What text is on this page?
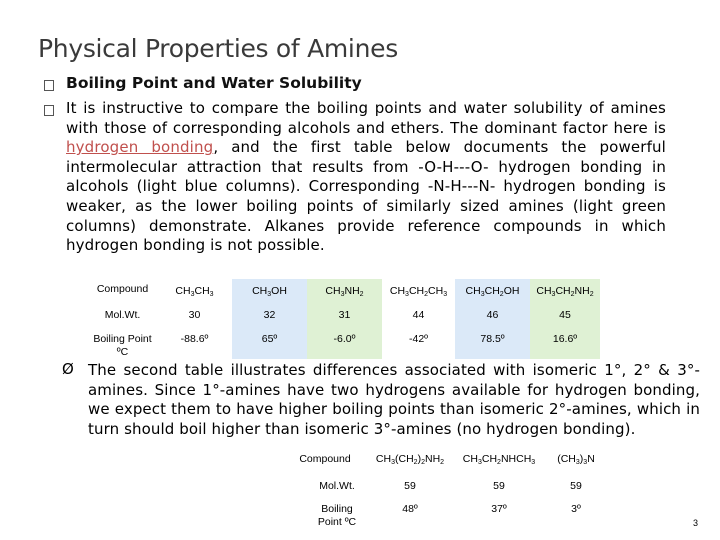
Physical Properties of Amines
Boiling Point and Water Solubility
It is instructive to compare the boiling points and water solubility of amines with those of corresponding alcohols and ethers. The dominant factor here is hydrogen bonding, and the first table below documents the powerful intermolecular attraction that results from -O-H---O- hydrogen bonding in alcohols (light blue columns). Corresponding -N-H---N- hydrogen bonding is weaker, as the lower boiling points of similarly sized amines (light green columns) demonstrate. Alkanes provide reference compounds in which hydrogen bonding is not possible.
Compound	$CH_3CH_3$	$CH_3OH$	$CH_3NH_2$	$CH_3CH_2CH_3$	$CH_3CH_2OH$	$CH_3CH_2NH_2$
Mol.Wt.	30	32	31	44	46	45
Boiling Point ºC	-88.6º	65º	-6.0º	-42º	78.5º	16.6º
Ø The second table illustrates differences associated with isomeric 1°, 2° & 3°-amines. Since 1°-amines have two hydrogens available for hydrogen bonding, we expect them to have higher boiling points than isomeric 2°-amines, which in turn should boil higher than isomeric 3°-amines (no hydrogen bonding).
Compound	$CH_3(CH_2)_2NH_2$	$CH_3CH_2NHCH_3$	$(CH_3)_3N$
Mol.Wt.	59	59	59
Boiling Point ºC	48º	37º	3º
3
